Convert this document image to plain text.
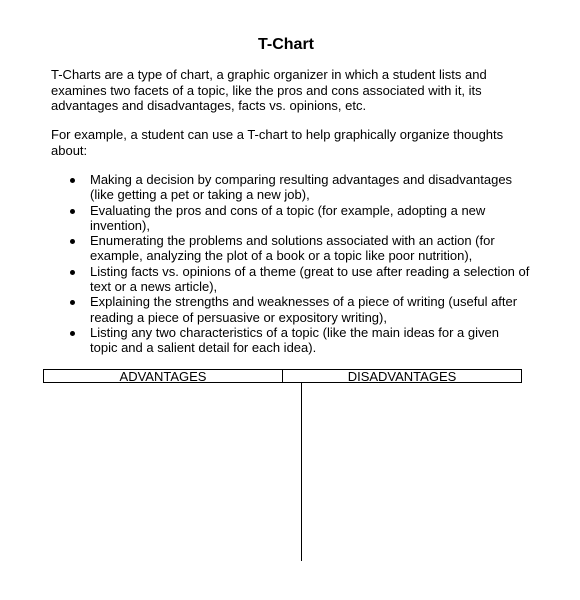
T-Chart

T-Charts are a type of chart, a graphic organizer in which a student lists and examines two facets of a topic, like the pros and cons associated with it, its advantages and disadvantages, facts vs. opinions, etc.

For example, a student can use a T-chart to help graphically organize thoughts about:

Making a decision by comparing resulting advantages and disadvantages (like getting a pet or taking a new job),
Evaluating the pros and cons of a topic (for example, adopting a new invention),
Enumerating the problems and solutions associated with an action (for example, analyzing the plot of a book or a topic like poor nutrition),
Listing facts vs. opinions of a theme (great to use after reading a selection of text or a news article),
Explaining the strengths and weaknesses of a piece of writing (useful after reading a piece of persuasive or expository writing),
Listing any two characteristics of a topic (like the main ideas for a given topic and a salient detail for each idea).
ADVANTAGES	DISADVANTAGES
